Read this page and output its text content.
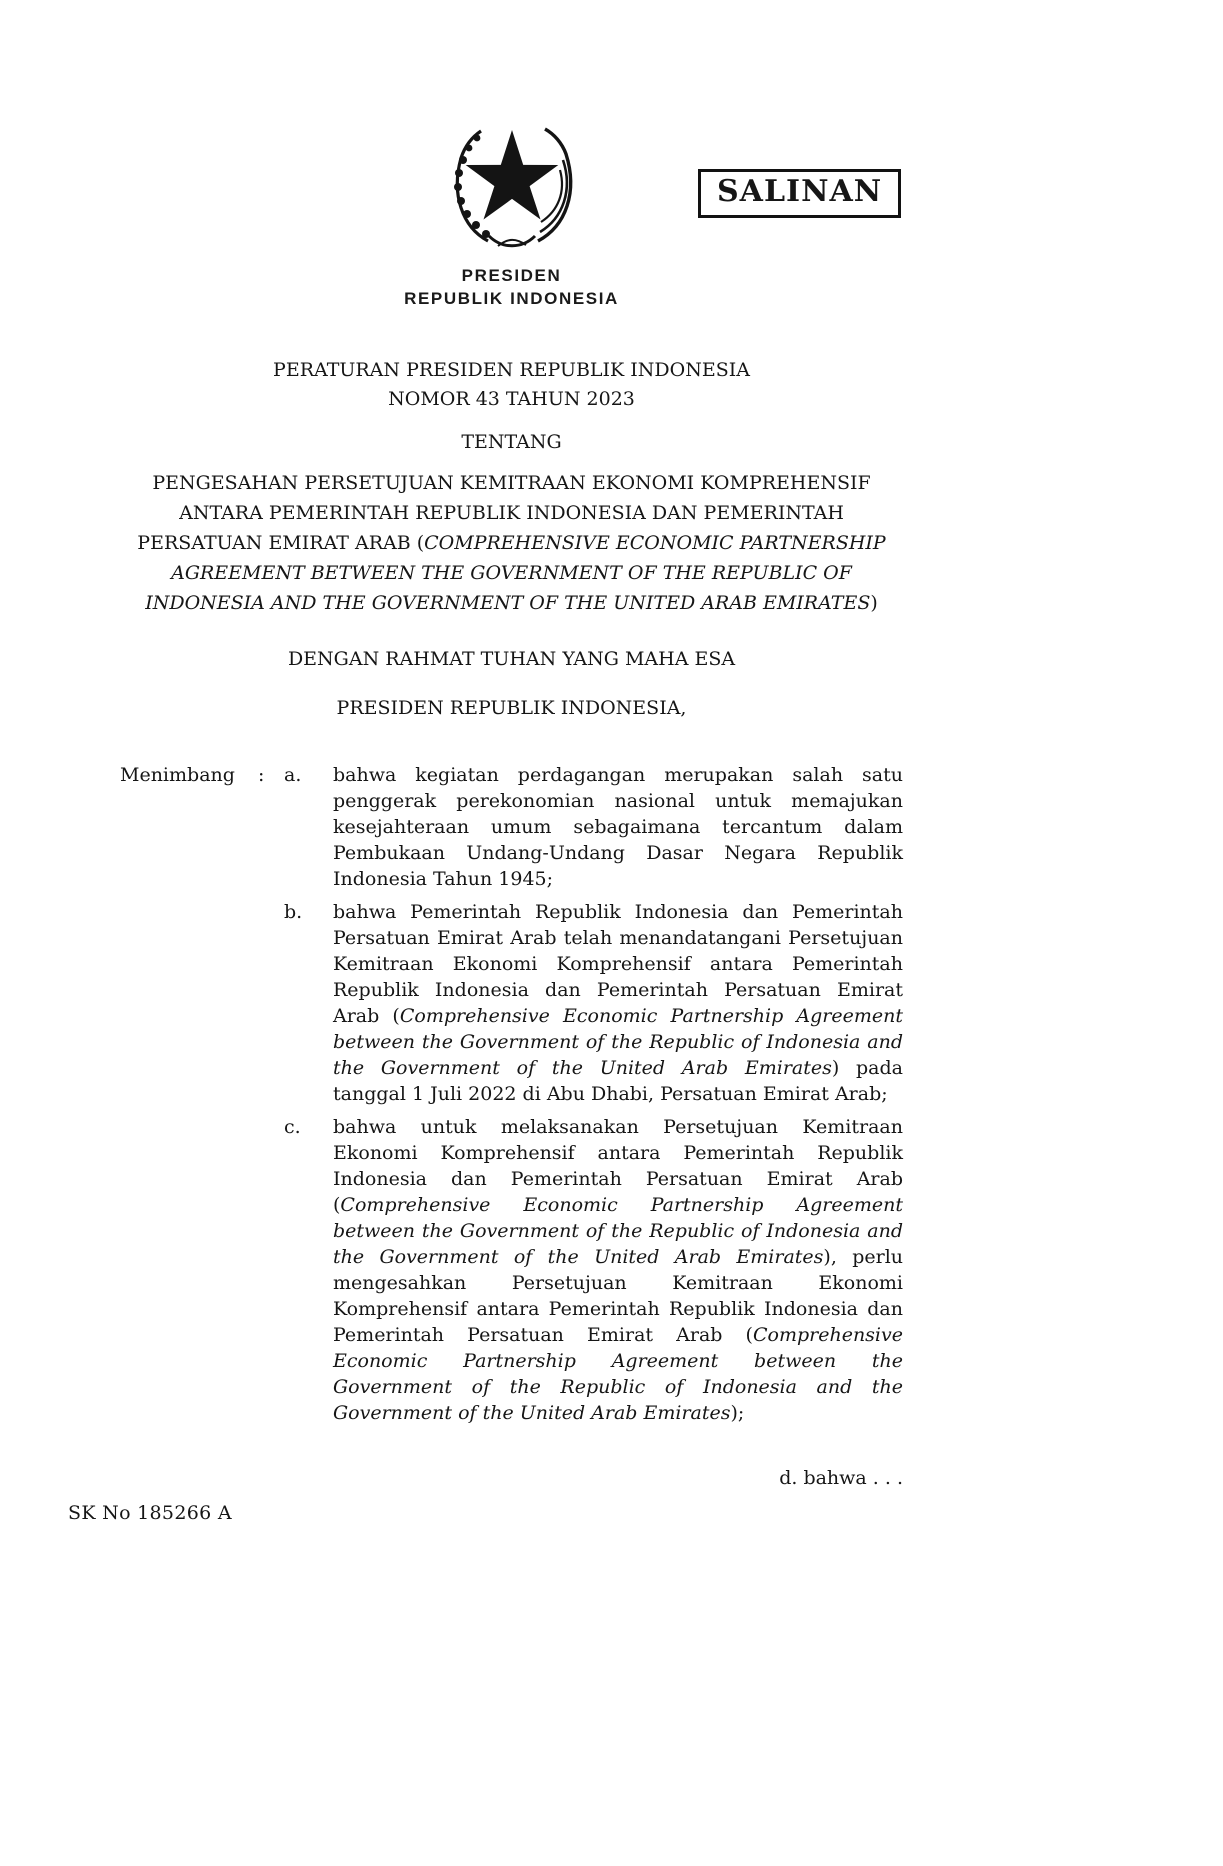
SALINAN
PRESIDEN
REPUBLIK INDONESIA
PERATURAN PRESIDEN REPUBLIK INDONESIA
NOMOR 43 TAHUN 2023
TENTANG
PENGESAHAN PERSETUJUAN KEMITRAAN EKONOMI KOMPREHENSIF ANTARA PEMERINTAH REPUBLIK INDONESIA DAN PEMERINTAH PERSATUAN EMIRAT ARAB (COMPREHENSIVE ECONOMIC PARTNERSHIP AGREEMENT BETWEEN THE GOVERNMENT OF THE REPUBLIC OF INDONESIA AND THE GOVERNMENT OF THE UNITED ARAB EMIRATES)
DENGAN RAHMAT TUHAN YANG MAHA ESA
PRESIDEN REPUBLIK INDONESIA,
Menimbang	:	a.	bahwa kegiatan perdagangan merupakan salah satu penggerak perekonomian nasional untuk memajukan kesejahteraan umum sebagaimana tercantum dalam Pembukaan Undang-Undang Dasar Negara Republik Indonesia Tahun 1945;
b.	bahwa Pemerintah Republik Indonesia dan Pemerintah Persatuan Emirat Arab telah menandatangani Persetujuan Kemitraan Ekonomi Komprehensif antara Pemerintah Republik Indonesia dan Pemerintah Persatuan Emirat Arab (Comprehensive Economic Partnership Agreement between the Government of the Republic of Indonesia and the Government of the United Arab Emirates) pada tanggal 1 Juli 2022 di Abu Dhabi, Persatuan Emirat Arab;
c.	bahwa untuk melaksanakan Persetujuan Kemitraan Ekonomi Komprehensif antara Pemerintah Republik Indonesia dan Pemerintah Persatuan Emirat Arab (Comprehensive Economic Partnership Agreement between the Government of the Republic of Indonesia and the Government of the United Arab Emirates), perlu mengesahkan Persetujuan Kemitraan Ekonomi Komprehensif antara Pemerintah Republik Indonesia dan Pemerintah Persatuan Emirat Arab (Comprehensive Economic Partnership Agreement between the Government of the Republic of Indonesia and the Government of the United Arab Emirates);
d. bahwa . . .
SK No 185266 A
